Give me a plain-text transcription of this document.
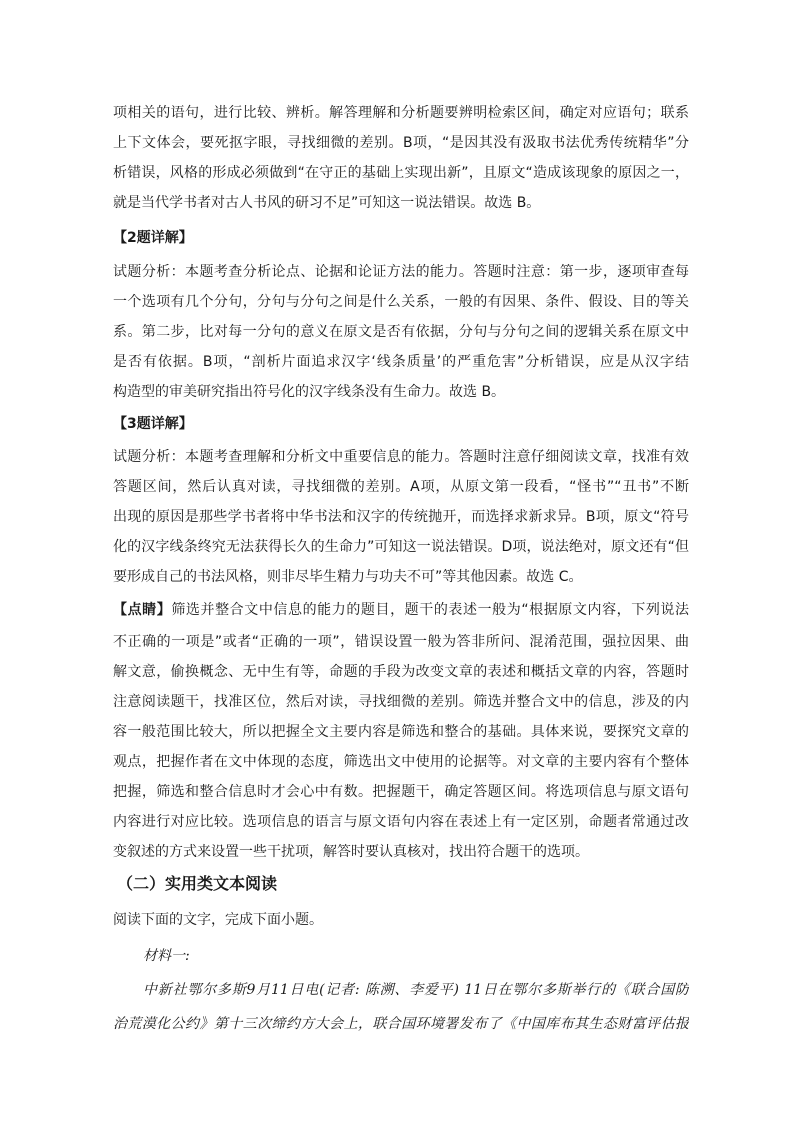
项相关的语句，进行比较、辨析。解答理解和分析题要辨明检索区间，确定对应语句；联系
上下文体会，要死抠字眼，寻找细微的差别。B项，“是因其没有汲取书法优秀传统精华”分
析错误，风格的形成必须做到“在守正的基础上实现出新”，且原文“造成该现象的原因之一，
就是当代学书者对古人书风的研习不足”可知这一说法错误。故选 B。
【2题详解】
试题分析：本题考查分析论点、论据和论证方法的能力。答题时注意：第一步，逐项审查每
一个选项有几个分句，分句与分句之间是什么关系，一般的有因果、条件、假设、目的等关
系。第二步，比对每一分句的意义在原文是否有依据，分句与分句之间的逻辑关系在原文中
是否有依据。B项，“剖析片面追求汉字‘线条质量’的严重危害”分析错误，应是从汉字结
构造型的审美研究指出符号化的汉字线条没有生命力。故选 B。
【3题详解】
试题分析：本题考查理解和分析文中重要信息的能力。答题时注意仔细阅读文章，找准有效
答题区间，然后认真对读，寻找细微的差别。A项，从原文第一段看，“怪书”“丑书”不断
出现的原因是那些学书者将中华书法和汉字的传统抛开，而选择求新求异。B项，原文“符号
化的汉字线条终究无法获得长久的生命力”可知这一说法错误。D项，说法绝对，原文还有“但
要形成自己的书法风格，则非尽毕生精力与功夫不可”等其他因素。故选 C。
【点睛】筛选并整合文中信息的能力的题目，题干的表述一般为“根据原文内容，下列说法
不正确的一项是”或者“正确的一项”，错误设置一般为答非所问、混淆范围，强拉因果、曲
解文意，偷换概念、无中生有等，命题的手段为改变文章的表述和概括文章的内容，答题时
注意阅读题干，找准区位，然后对读，寻找细微的差别。筛选并整合文中的信息，涉及的内
容一般范围比较大，所以把握全文主要内容是筛选和整合的基础。具体来说，要探究文章的
观点，把握作者在文中体现的态度，筛选出文中使用的论据等。对文章的主要内容有个整体
把握，筛选和整合信息时才会心中有数。把握题干，确定答题区间。将选项信息与原文语句
内容进行对应比较。选项信息的语言与原文语句内容在表述上有一定区别，命题者常通过改
变叙述的方式来设置一些干扰项，解答时要认真核对，找出符合题干的选项。
（二）实用类文本阅读
阅读下面的文字，完成下面小题。
材料一:
中新社鄂尔多斯9月11日电(记者: 陈溯、李爱平) 11日在鄂尔多斯举行的《联合国防
治荒漠化公约》第十三次缔约方大会上，联合国环境署发布了《中国库布其生态财富评估报
